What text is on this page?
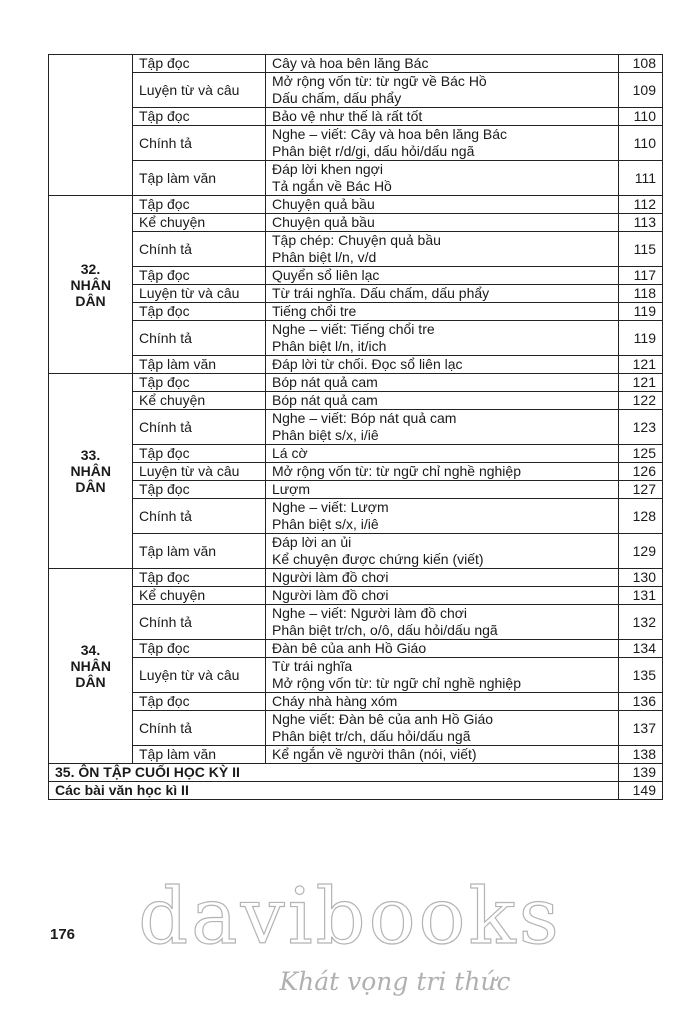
	Tập đọc	Cây và hoa bên lăng Bác	108
	Luyện từ và câu	Mở rộng vốn từ: từ ngữ về Bác Hồ
Dấu chấm, dấu phẩy	109
	Tập đọc	Bảo vệ như thế là rất tốt	110
	Chính tả	Nghe – viết: Cây và hoa bên lăng Bác
Phân biệt r/d/gi, dấu hỏi/dấu ngã	110
	Tập làm văn	Đáp lời khen ngợi
Tả ngắn về Bác Hồ	111
32. NHÂN DÂN	Tập đọc	Chuyện quả bầu	112
	Kể chuyện	Chuyện quả bầu	113
	Chính tả	Tập chép: Chuyện quả bầu
Phân biệt l/n, v/d	115
	Tập đọc	Quyển sổ liên lạc	117
	Luyện từ và câu	Từ trái nghĩa. Dấu chấm, dấu phẩy	118
	Tập đọc	Tiếng chổi tre	119
	Chính tả	Nghe – viết: Tiếng chổi tre
Phân biệt l/n, it/ich	119
	Tập làm văn	Đáp lời từ chối. Đọc sổ liên lạc	121
33. NHÂN DÂN	Tập đọc	Bóp nát quả cam	121
	Kể chuyện	Bóp nát quả cam	122
	Chính tả	Nghe – viết: Bóp nát quả cam
Phân biệt s/x, i/iê	123
	Tập đọc	Lá cờ	125
	Luyện từ và câu	Mở rộng vốn từ: từ ngữ chỉ nghề nghiệp	126
	Tập đọc	Lượm	127
	Chính tả	Nghe – viết: Lượm
Phân biệt s/x, i/iê	128
	Tập làm văn	Đáp lời an ủi
Kể chuyện được chứng kiến (viết)	129
34. NHÂN DÂN	Tập đọc	Người làm đồ chơi	130
	Kể chuyện	Người làm đồ chơi	131
	Chính tả	Nghe – viết: Người làm đồ chơi
Phân biệt tr/ch, o/ô, dấu hỏi/dấu ngã	132
	Tập đọc	Đàn bê của anh Hồ Giáo	134
	Luyện từ và câu	Từ trái nghĩa
Mở rộng vốn từ: từ ngữ chỉ nghề nghiệp	135
	Tập đọc	Cháy nhà hàng xóm	136
	Chính tả	Nghe viết: Đàn bê của anh Hồ Giáo
Phân biệt tr/ch, dấu hỏi/dấu ngã	137
	Tập làm văn	Kể ngắn về người thân (nói, viết)	138
35. ÔN TẬP CUỐI HỌC KỲ II			139
Các bài văn học kì II			149
176 davibooks
Khát vọng tri thức
